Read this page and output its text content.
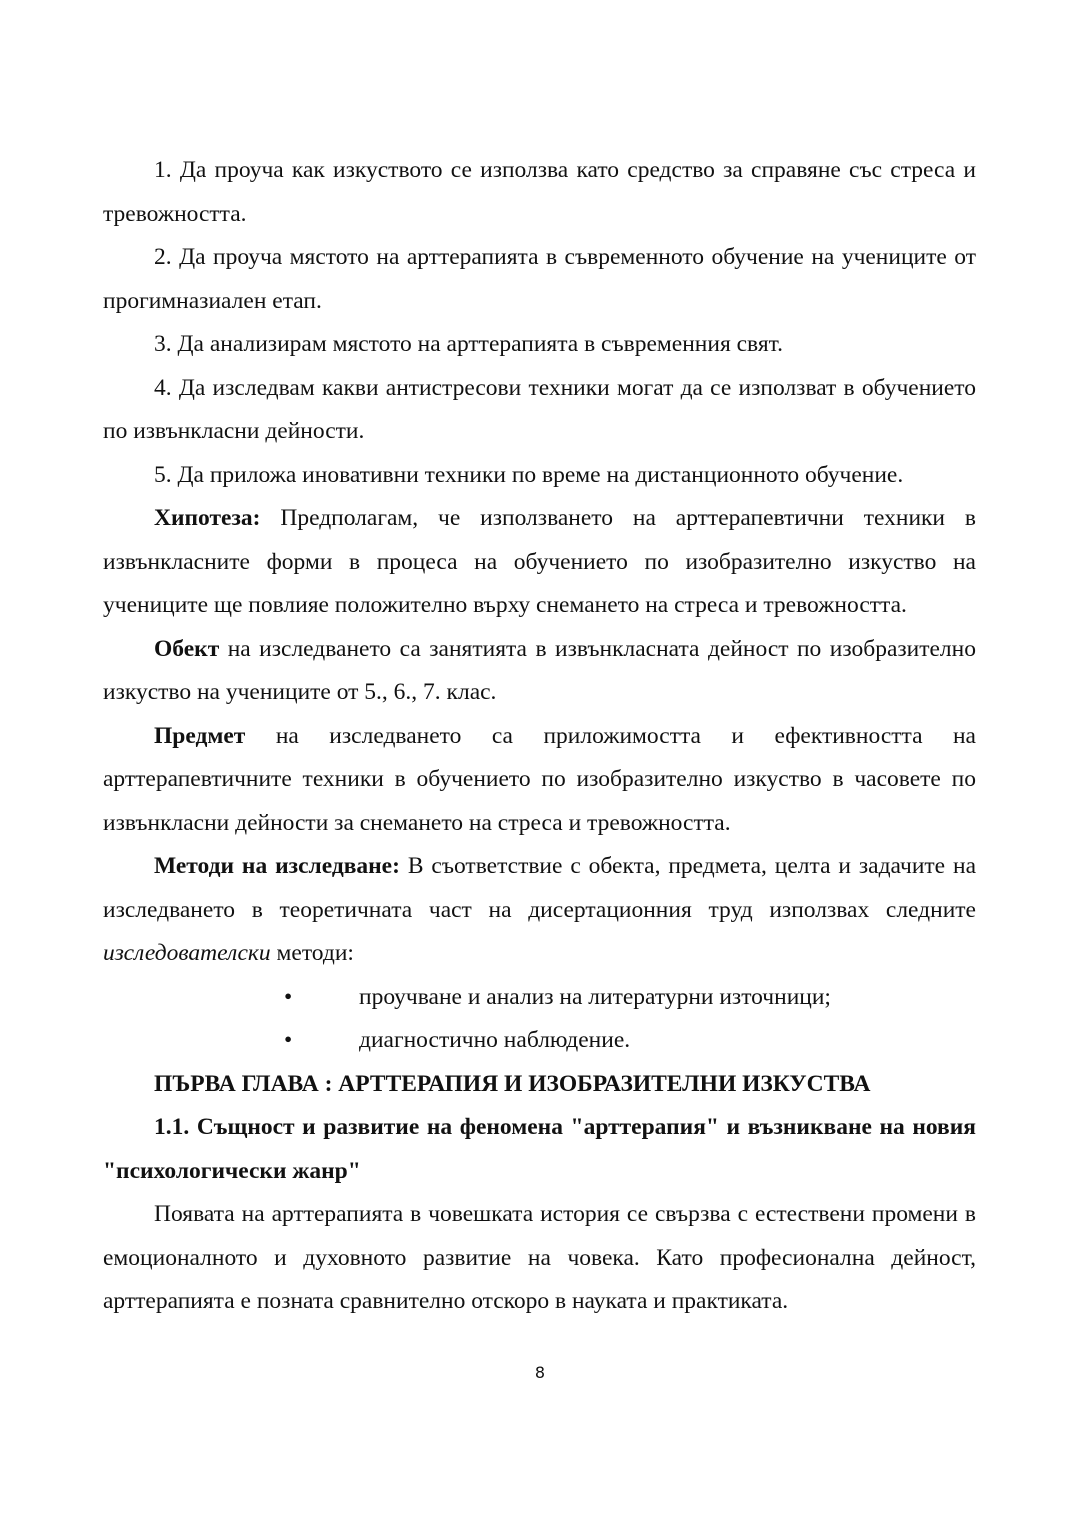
1. Да проуча как изкуството се използва като средство за справяне със стреса и тревожността.

2. Да проуча мястото на арттерапията в съвременното обучение на учениците от прогимназиален етап.

3. Да анализирам мястото на арттерапията в съвременния свят.

4. Да изследвам какви антистресови техники могат да се използват в обучението по извънкласни дейности.

5. Да приложа иновативни техники по време на дистанционното обучение.

Хипотеза: Предполагам, че използването на арттерапевтични техники в извънкласните форми в процеса на обучението по изобразително изкуство на учениците ще повлияе положително върху снемането на стреса и тревожността.

Обект на изследването са занятията в извънкласната дейност по изобразително изкуство на учениците от 5., 6., 7. клас.

Предмет на изследването са приложимостта и ефективността на арттерапевтичните техники в обучението по изобразително изкуство в часовете по извънкласни дейности за снемането на стреса и тревожността.

Методи на изследване: В съответствие с обекта, предмета, целта и задачите на изследването в теоретичната част на дисертационния труд използвах следните изследователски методи:

•	проучване и анализ на литературни източници;
•	диагностично наблюдение.

ПЪРВА ГЛАВА : АРТТЕРАПИЯ И ИЗОБРАЗИТЕЛНИ ИЗКУСТВА

1.1. Същност и развитие на феномена "арттерапия" и възникване на новия "психологически жанр"

Появата на арттерапията в човешката история се свързва с естествени промени в емоционалното и духовното развитие на човека. Като професионална дейност, арттерапията е позната сравнително отскоро в науката и практиката.

8
